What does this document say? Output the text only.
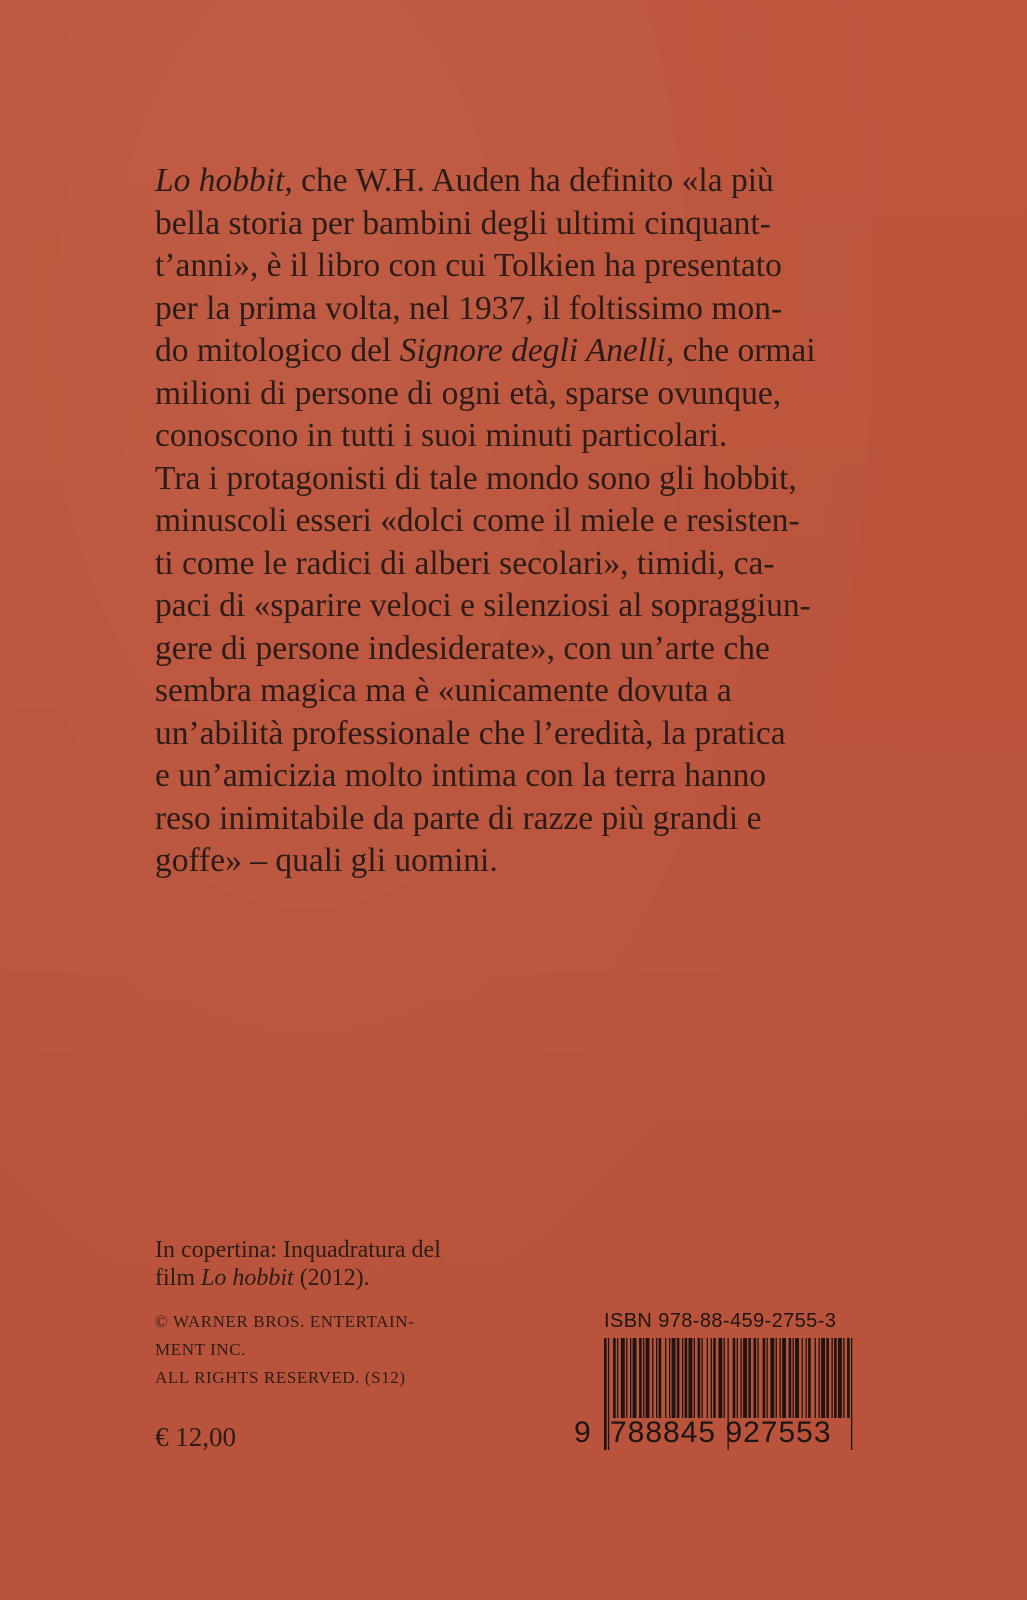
Lo hobbit, che W.H. Auden ha definito «la più
bella storia per bambini degli ultimi cinquant-
t’anni», è il libro con cui Tolkien ha presentato
per la prima volta, nel 1937, il foltissimo mon-
do mitologico del Signore degli Anelli, che ormai
milioni di persone di ogni età, sparse ovunque,
conoscono in tutti i suoi minuti particolari.
Tra i protagonisti di tale mondo sono gli hobbit,
minuscoli esseri «dolci come il miele e resisten-
ti come le radici di alberi secolari», timidi, ca-
paci di «sparire veloci e silenziosi al sopraggiun-
gere di persone indesiderate», con un’arte che
sembra magica ma è «unicamente dovuta a
un’abilità professionale che l’eredità, la pratica
e un’amicizia molto intima con la terra hanno
reso inimitabile da parte di razze più grandi e
goffe» – quali gli uomini.
In copertina: Inquadratura del
film Lo hobbit (2012).
© WARNER BROS. ENTERTAIN-
MENT INC.
ALL RIGHTS RESERVED. (S12)
€ 12,00
ISBN 978-88-459-2755-3
9 788845 927553
